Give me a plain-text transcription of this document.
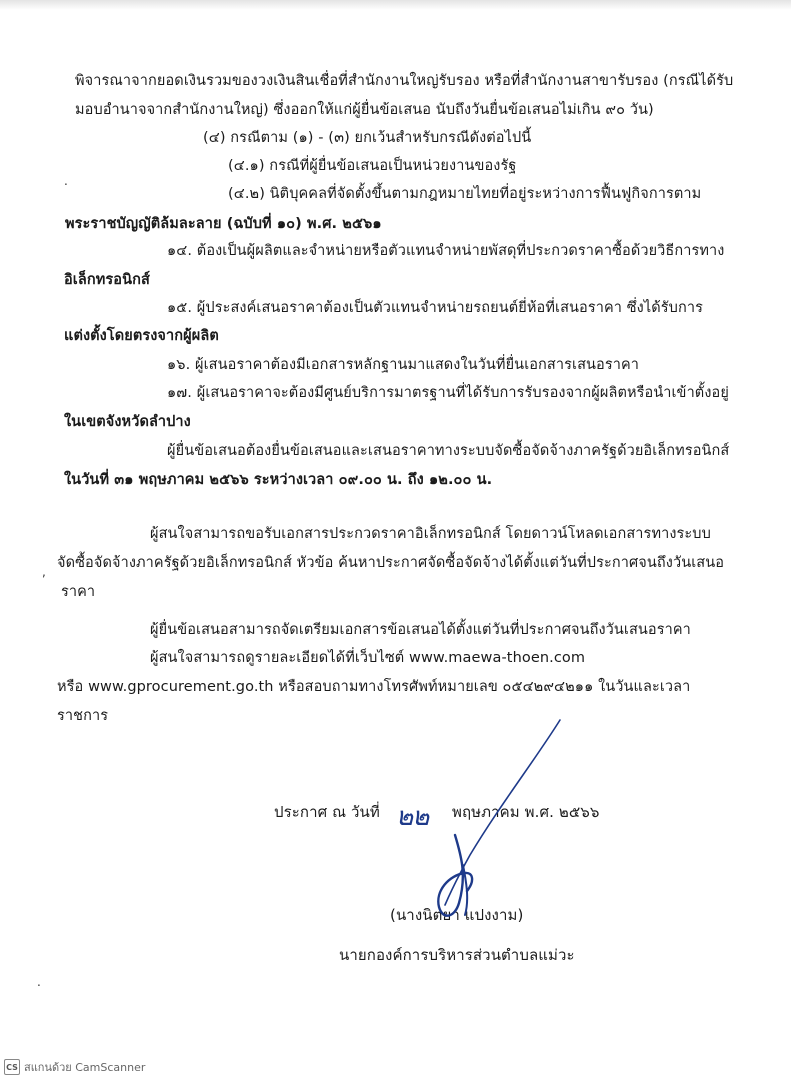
พิจารณาจากยอดเงินรวมของวงเงินสินเชื่อที่สำนักงานใหญ่รับรอง หรือที่สำนักงานสาขารับรอง (กรณีได้รับ
มอบอำนาจจากสำนักงานใหญ่) ซึ่งออกให้แก่ผู้ยื่นข้อเสนอ นับถึงวันยื่นข้อเสนอไม่เกิน ๙๐ วัน)
(๔) กรณีตาม (๑) - (๓) ยกเว้นสำหรับกรณีดังต่อไปนี้
(๔.๑) กรณีที่ผู้ยื่นข้อเสนอเป็นหน่วยงานของรัฐ
.
(๔.๒) นิติบุคคลที่จัดตั้งขึ้นตามกฎหมายไทยที่อยู่ระหว่างการฟื้นฟูกิจการตาม
พระราชบัญญัติล้มละลาย (ฉบับที่ ๑๐) พ.ศ. ๒๕๖๑
๑๔. ต้องเป็นผู้ผลิตและจำหน่ายหรือตัวแทนจำหน่ายพัสดุที่ประกวดราคาซื้อด้วยวิธีการทาง
อิเล็กทรอนิกส์
๑๕. ผู้ประสงค์เสนอราคาต้องเป็นตัวแทนจำหน่ายรถยนต์ยี่ห้อที่เสนอราคา ซึ่งได้รับการ
แต่งตั้งโดยตรงจากผู้ผลิต
๑๖. ผู้เสนอราคาต้องมีเอกสารหลักฐานมาแสดงในวันที่ยื่นเอกสารเสนอราคา
๑๗. ผู้เสนอราคาจะต้องมีศูนย์บริการมาตรฐานที่ได้รับการรับรองจากผู้ผลิตหรือนำเข้าตั้งอยู่
ในเขตจังหวัดลำปาง
ผู้ยื่นข้อเสนอต้องยื่นข้อเสนอและเสนอราคาทางระบบจัดซื้อจัดจ้างภาครัฐด้วยอิเล็กทรอนิกส์
ในวันที่ ๓๑ พฤษภาคม ๒๕๖๖ ระหว่างเวลา ๐๙.๐๐ น. ถึง ๑๒.๐๐ น.
ผู้สนใจสามารถขอรับเอกสารประกวดราคาอิเล็กทรอนิกส์ โดยดาวน์โหลดเอกสารทางระบบ
จัดซื้อจัดจ้างภาครัฐด้วยอิเล็กทรอนิกส์ หัวข้อ ค้นหาประกาศจัดซื้อจัดจ้างได้ตั้งแต่วันที่ประกาศจนถึงวันเสนอ
ราคา
ผู้ยื่นข้อเสนอสามารถจัดเตรียมเอกสารข้อเสนอได้ตั้งแต่วันที่ประกาศจนถึงวันเสนอราคา
ผู้สนใจสามารถดูรายละเอียดได้ที่เว็บไซต์ www.maewa-thoen.com
หรือ www.gprocurement.go.th หรือสอบถามทางโทรศัพท์หมายเลข ๐๕๔๒๙๔๒๑๑ ในวันและเวลา
ราชการ
ประกาศ ณ วันที่ ๒๒ พฤษภาคม พ.ศ. ๒๕๖๖
(นางนิตยา แปงงาม)
นายกองค์การบริหารส่วนตำบลแม่วะ
.
,
CS สแกนด้วย CamScanner
